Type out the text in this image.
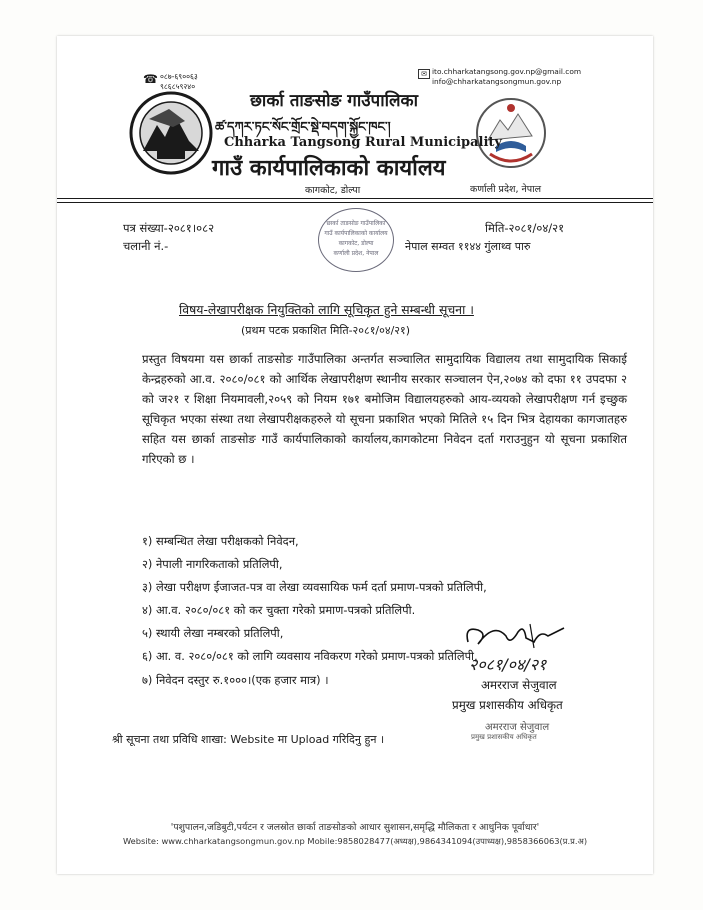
☎ ०८७-६९००६३
९८६८५९२४०
✉ ito.chharkatangsong.gov.np@gmail.com
info@chharkatangsongmun.gov.np
छार्का ताङसोङ गाउँपालिका
ཚ་དཀར་ཏང་སོང་གྲོང་སྡེ་བདག་སྐྱོང་ཁང་།
Chharka Tangsong Rural Municipality
गाउँ कार्यपालिकाको कार्यालय
कागकोट, डोल्पा	कर्णाली प्रदेश, नेपाल
पत्र संख्या-२०८१।०८२
चलानी नं.-
मिति-२०८१/०४/२१
नेपाल सम्वत ११४४ गुंलाथ्व पारु
छार्का ताङसोङ गाउँपालिका
गाउँ कार्यपालिकाको कार्यालय
कागकोट, डोल्पा
कर्णाली प्रदेश, नेपाल
विषय-लेखापरीक्षक नियुक्तिको लागि सूचिकृत हुने सम्बन्धी सूचना ।
(प्रथम पटक प्रकाशित मिति-२०८१/०४/२१)

प्रस्तुत विषयमा यस छार्का ताङसोङ गाउँपालिका अन्तर्गत सञ्चालित सामुदायिक विद्यालय तथा सामुदायिक सिकाई केन्द्रहरुको आ.व. २०८०/०८१ को आर्थिक लेखापरीक्षण स्थानीय सरकार सञ्चालन ऐन,२०७४ को दफा ११ उपदफा २ को ज२१ र शिक्षा नियमावली,२०५९ को नियम १७१ बमोजिम विद्यालयहरुको आय-व्ययको लेखापरीक्षण गर्न इच्छुक सूचिकृत भएका संस्था तथा लेखापरीक्षकहरुले यो सूचना प्रकाशित भएको मितिले १५ दिन भित्र देहायका कागजातहरु सहित यस छार्का ताङसोङ गाउँ कार्यपालिकाको कार्यालय,कागकोटमा निवेदन दर्ता गराउनुहुन यो सूचना प्रकाशित गरिएको छ ।

१) सम्बन्धित लेखा परीक्षकको निवेदन,
२) नेपाली नागरिकताको प्रतिलिपी,
३) लेखा परीक्षण ईजाजत-पत्र वा लेखा व्यवसायिक फर्म दर्ता प्रमाण-पत्रको प्रतिलिपी,
४) आ.व. २०८०/०८१ को कर चुक्ता गरेको प्रमाण-पत्रको प्रतिलिपी.
५) स्थायी लेखा नम्बरको प्रतिलिपी,
६) आ. व. २०८०/०८१ को लागि व्यवसाय नविकरण गरेको प्रमाण-पत्रको प्रतिलिपी,
७) निवेदन दस्तुर रु.१०००।(एक हजार मात्र) ।
२०८१/०४/२१
अमरराज सेजुवाल
प्रमुख प्रशासकीय अधिकृत
अमरराज सेजुवाल
प्रमुख प्रशासकीय अधिकृत
श्री सूचना तथा प्रविधि शाखा: Website मा Upload गरिदिनु हुन ।
'पशुपालन,जडिबुटी,पर्यटन र जलस्रोत छार्का ताङसोङको आधार सुशासन,समृद्धि मौलिकता र आधुनिक पूर्वाधार'
Website: www.chharkatangsongmun.gov.np Mobile:9858028477(अध्यक्ष),9864341094(उपाध्यक्ष),9858366063(प्र.प्र.अ)
